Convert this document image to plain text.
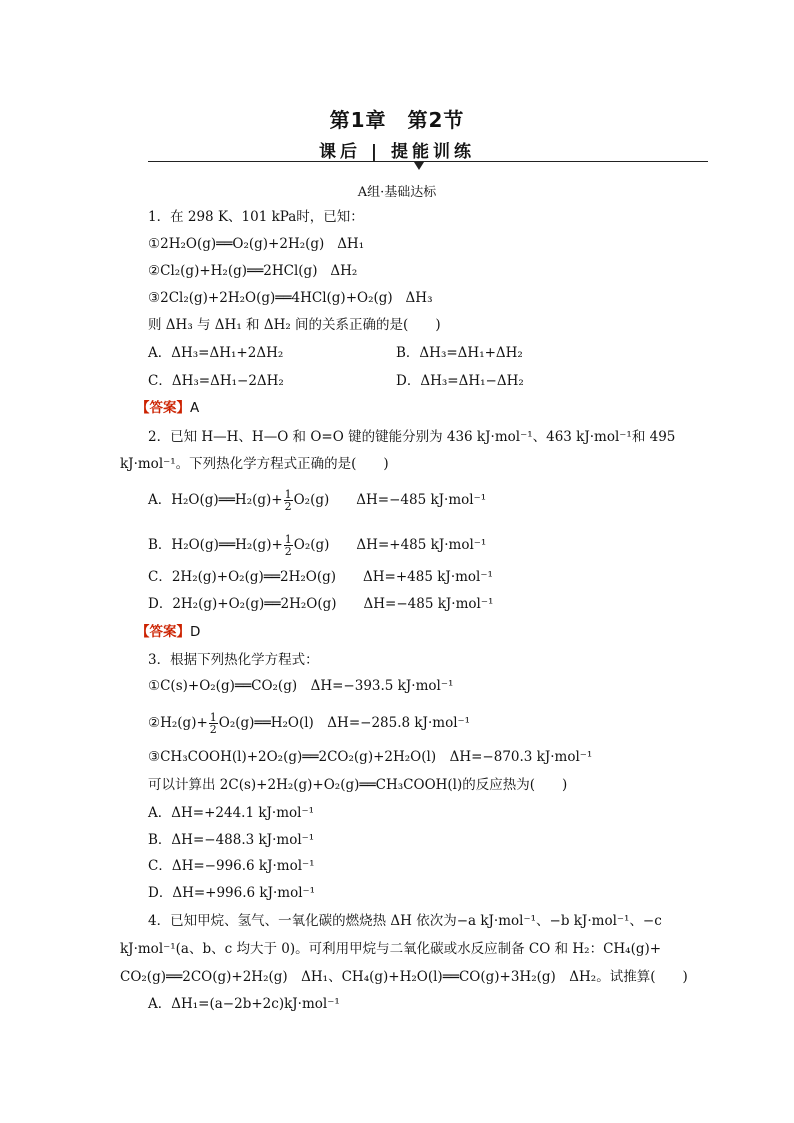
第1章　第2节
课后 | 提能训练
A组·基础达标
1．在 298 K、101 kPa时，已知：
①2H₂O(g)══O₂(g)+2H₂(g) ΔH₁
②Cl₂(g)+H₂(g)══2HCl(g) ΔH₂
③2Cl₂(g)+2H₂O(g)══4HCl(g)+O₂(g) ΔH₃
则 ΔH₃ 与 ΔH₁ 和 ΔH₂ 间的关系正确的是(　　)
A．ΔH₃=ΔH₁+2ΔH₂	B．ΔH₃=ΔH₁+ΔH₂
C．ΔH₃=ΔH₁−2ΔH₂	D．ΔH₃=ΔH₁−ΔH₂
【答案】A
2．已知 H—H、H—O 和 O=O 键的键能分别为 436 kJ·mol⁻¹、463 kJ·mol⁻¹和 495
kJ·mol⁻¹。下列热化学方程式正确的是(　　)
A．H₂O(g)══H₂(g)+ $\frac{1}{2} O_2(g)$　　ΔH=−485 kJ·mol⁻¹
B．H₂O(g)══H₂(g)+ $\frac{1}{2} O_2(g)$　　ΔH=+485 kJ·mol⁻¹
C．2H₂(g)+O₂(g)══2H₂O(g)　　ΔH=+485 kJ·mol⁻¹
D．2H₂(g)+O₂(g)══2H₂O(g)　　ΔH=−485 kJ·mol⁻¹
【答案】D
3．根据下列热化学方程式：
①C(s)+O₂(g)══CO₂(g)　ΔH=−393.5 kJ·mol⁻¹
②H₂(g)+ $\frac{1}{2}$ O₂(g)══H₂O(l)　ΔH=−285.8 kJ·mol⁻¹
③CH₃COOH(l)+2O₂(g)══2CO₂(g)+2H₂O(l)　ΔH=−870.3 kJ·mol⁻¹
可以计算出 2C(s)+2H₂(g)+O₂(g)══CH₃COOH(l)的反应热为(　　)
A．ΔH=+244.1 kJ·mol⁻¹
B．ΔH=−488.3 kJ·mol⁻¹
C．ΔH=−996.6 kJ·mol⁻¹
D．ΔH=+996.6 kJ·mol⁻¹
4．已知甲烷、氢气、一氧化碳的燃烧热 ΔH 依次为−a kJ·mol⁻¹、−b kJ·mol⁻¹、−c
kJ·mol⁻¹(a、b、c 均大于 0)。可利用甲烷与二氧化碳或水反应制备 CO 和 H₂：CH₄(g)+
CO₂(g)══2CO(g)+2H₂(g)　ΔH₁、CH₄(g)+H₂O(l)══CO(g)+3H₂(g)　ΔH₂。试推算(　　)
A．ΔH₁=(a−2b+2c)kJ·mol⁻¹
